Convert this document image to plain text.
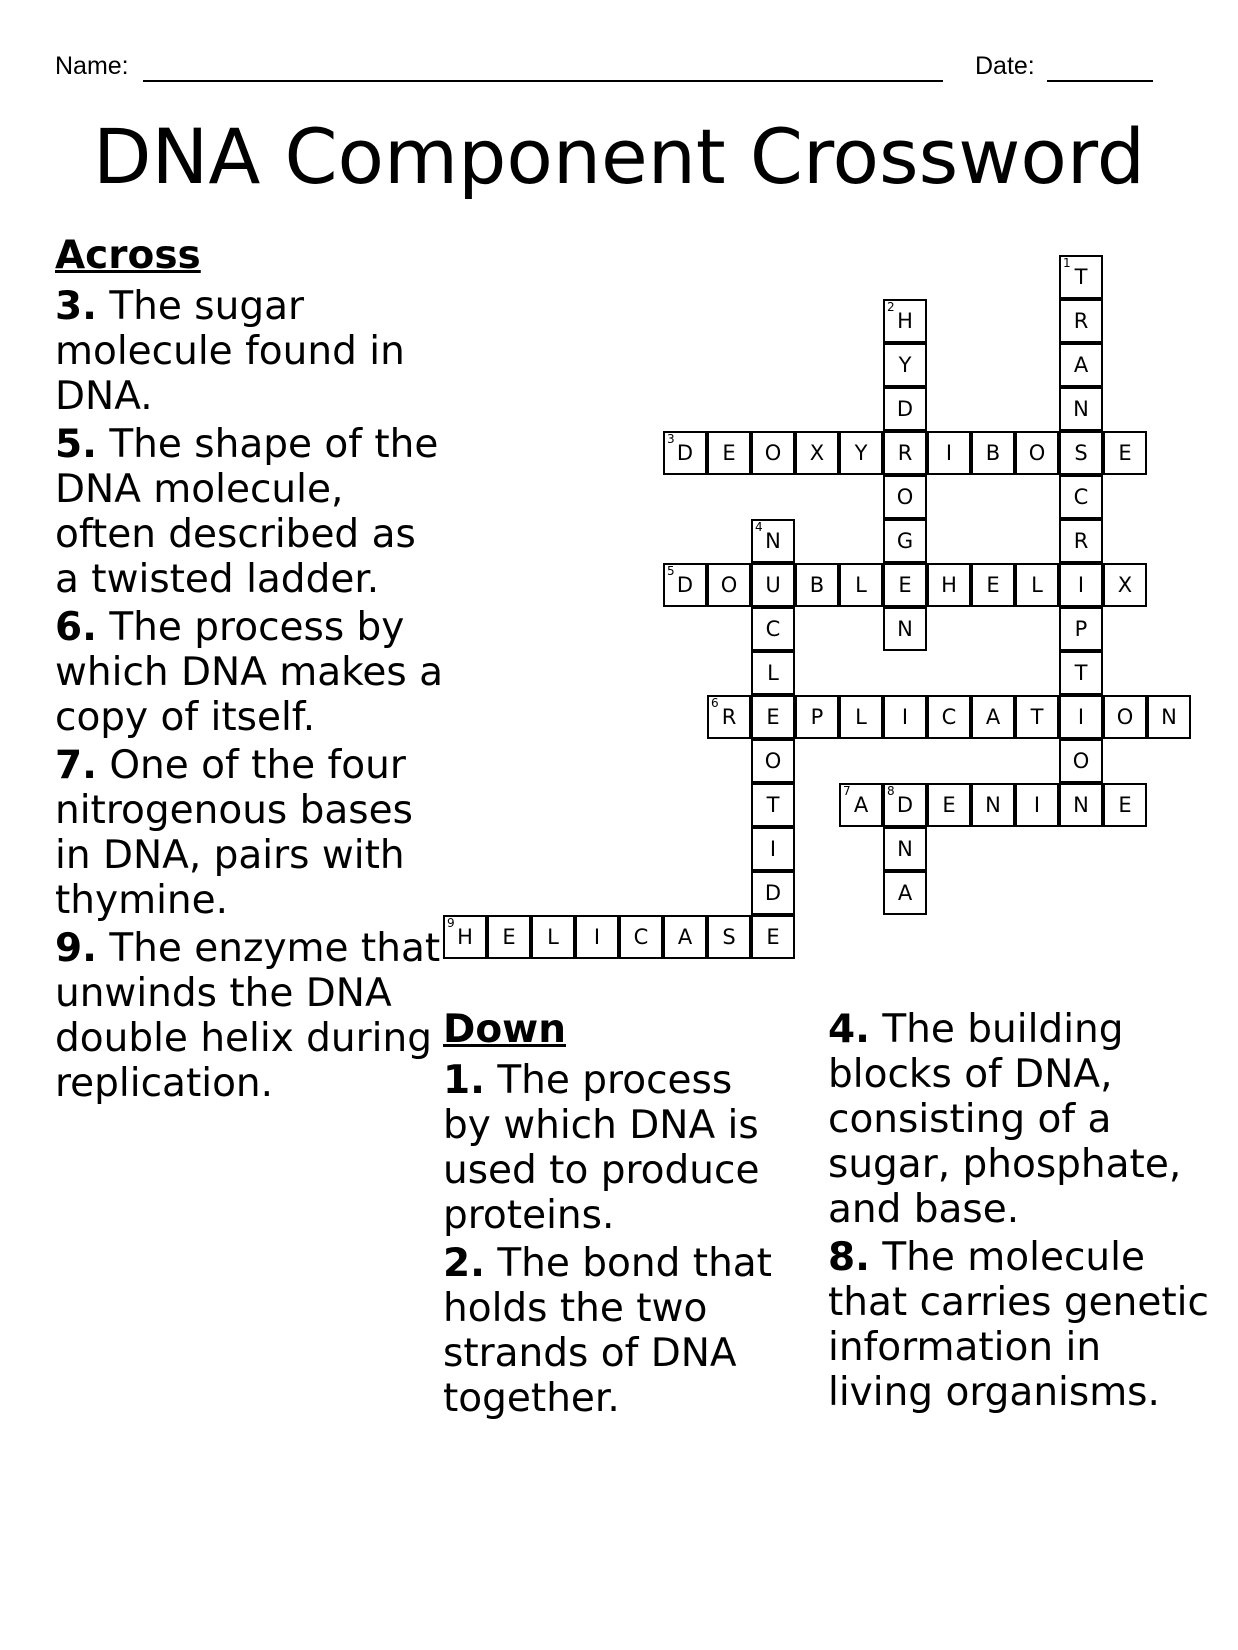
Name:	Date:
DNA Component Crossword
T
1
R
A
N
S
C
R
I
P
T
I
O
N
H
2
Y
D
R
O
G
E
N
D
3
E O X Y	I B O	E
N
4
U
C
L
E
O
T
I
D
E
D
5
O	B L	H E L	X
R
6
P L I C A T	O N
A
7
D
8
E N I	E
N
A
H
9
E L I C A S
Across
3. The sugar molecule found in DNA.
5. The shape of the DNA molecule, often described as a twisted ladder.
6. The process by which DNA makes a copy of itself.
7. One of the four nitrogenous bases in DNA, pairs with thymine.
9. The enzyme that unwinds the DNA double helix during replication.
Down
1. The process by which DNA is used to produce proteins.
2. The bond that holds the two strands of DNA together.
4. The building blocks of DNA, consisting of a sugar, phosphate, and base.
8. The molecule that carries genetic information in living organisms.
